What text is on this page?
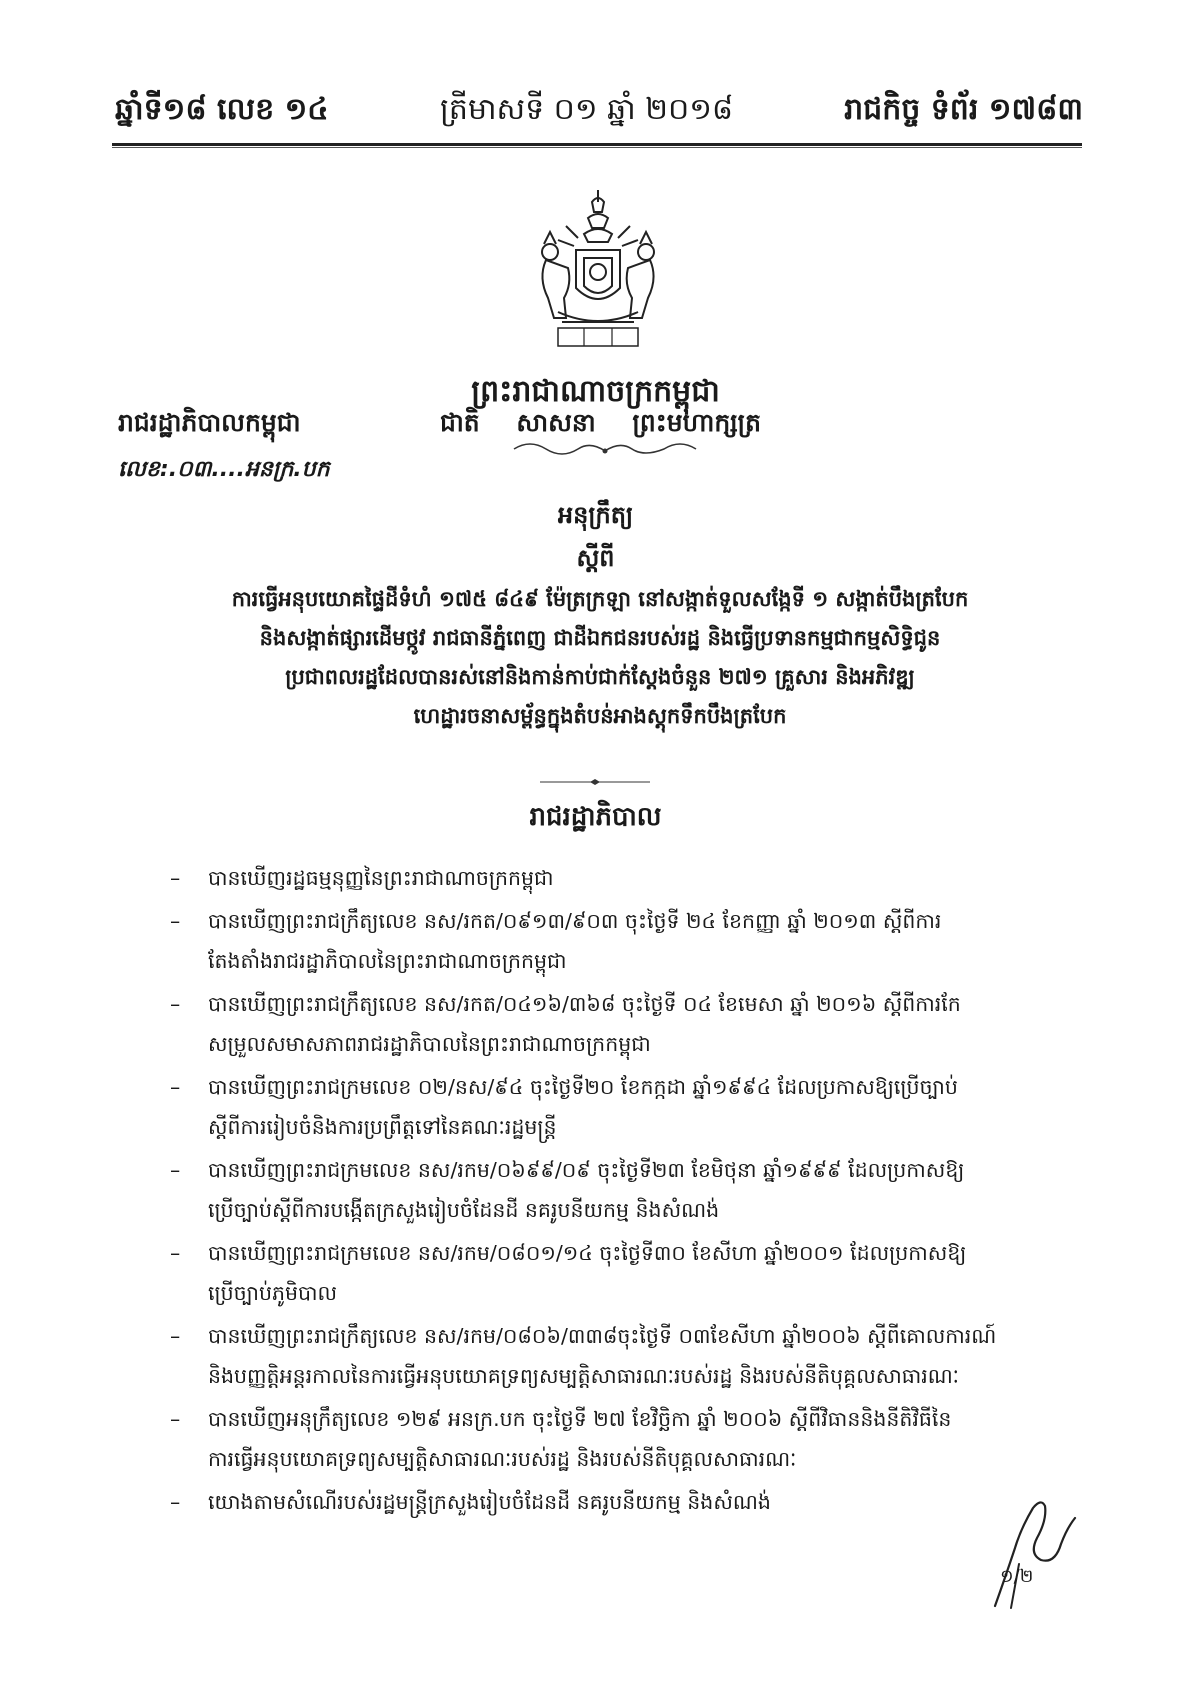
ឆ្នាំទី១៨ លេខ ១៤	ត្រីមាសទី ០១ ឆ្នាំ ២០១៨	រាជកិច្ច ទំព័រ ១៧៨៣
ព្រះរាជាណាចក្រកម្ពុជា
រាជរដ្ឋាភិបាលកម្ពុជា	ជាតិ សាសនា ព្រះមហាក្សត្រ
លេខ:.០៣....អនក្រ.បក
អនុក្រឹត្យ
ស្តីពី
ការធ្វើអនុបយោគផ្ទៃដីទំហំ ១៧៥ ៨៤៩ ម៉ែត្រក្រឡា នៅសង្កាត់ទួលសង្កែទី ១ សង្កាត់បឹងត្របែក
និងសង្កាត់ផ្សារដើមថ្កូវ រាជធានីភ្នំពេញ ជាដីឯកជនរបស់រដ្ឋ និងធ្វើប្រទានកម្មជាកម្មសិទ្ធិជូន
ប្រជាពលរដ្ឋដែលបានរស់នៅនិងកាន់កាប់ជាក់ស្តែងចំនួន ២៧១ គ្រួសារ និងអភិវឌ្ឍ
ហេដ្ឋារចនាសម្ព័ន្ធក្នុងតំបន់អាងស្តុកទឹកបឹងត្របែក
រាជរដ្ឋាភិបាល
– បានឃើញរដ្ឋធម្មនុញ្ញនៃព្រះរាជាណាចក្រកម្ពុជា
– បានឃើញព្រះរាជក្រឹត្យលេខ នស/រកត/០៩១៣/៩០៣ ចុះថ្ងៃទី ២៤ ខែកញ្ញា ឆ្នាំ ២០១៣ ស្តីពីការ
តែងតាំងរាជរដ្ឋាភិបាលនៃព្រះរាជាណាចក្រកម្ពុជា
– បានឃើញព្រះរាជក្រឹត្យលេខ នស/រកត/០៤១៦/៣៦៨ ចុះថ្ងៃទី ០៤ ខែមេសា ឆ្នាំ ២០១៦ ស្តីពីការកែ
សម្រួលសមាសភាពរាជរដ្ឋាភិបាលនៃព្រះរាជាណាចក្រកម្ពុជា
– បានឃើញព្រះរាជក្រមលេខ ០២/នស/៩៤ ចុះថ្ងៃទី២០ ខែកក្កដា ឆ្នាំ១៩៩៤ ដែលប្រកាសឱ្យប្រើច្បាប់
ស្តីពីការរៀបចំនិងការប្រព្រឹត្តទៅនៃគណៈរដ្ឋមន្ត្រី
– បានឃើញព្រះរាជក្រមលេខ នស/រកម/០៦៩៩/០៩ ចុះថ្ងៃទី២៣ ខែមិថុនា ឆ្នាំ១៩៩៩ ដែលប្រកាសឱ្យ
ប្រើច្បាប់ស្តីពីការបង្កើតក្រសួងរៀបចំដែនដី នគរូបនីយកម្ម និងសំណង់
– បានឃើញព្រះរាជក្រមលេខ នស/រកម/០៨០១/១៤ ចុះថ្ងៃទី៣០ ខែសីហា ឆ្នាំ២០០១ ដែលប្រកាសឱ្យ
ប្រើច្បាប់ភូមិបាល
– បានឃើញព្រះរាជក្រឹត្យលេខ នស/រកម/០៨០៦/៣៣៨ចុះថ្ងៃទី ០៣ខែសីហា ឆ្នាំ២០០៦ ស្តីពីគោលការណ៍
និងបញ្ញត្តិអន្តរកាលនៃការធ្វើអនុបយោគទ្រព្យសម្បត្តិសាធារណៈរបស់រដ្ឋ និងរបស់នីតិបុគ្គលសាធារណៈ
– បានឃើញអនុក្រឹត្យលេខ ១២៩ អនក្រ.បក ចុះថ្ងៃទី ២៧ ខែវិច្ឆិកា ឆ្នាំ ២០០៦ ស្តីពីវិធាននិងនីតិវិធីនៃ
ការធ្វើអនុបយោគទ្រព្យសម្បត្តិសាធារណៈរបស់រដ្ឋ និងរបស់នីតិបុគ្គលសាធារណៈ
– យោងតាមសំណើរបស់រដ្ឋមន្ត្រីក្រសួងរៀបចំដែនដី នគរូបនីយកម្ម និងសំណង់
១/២
